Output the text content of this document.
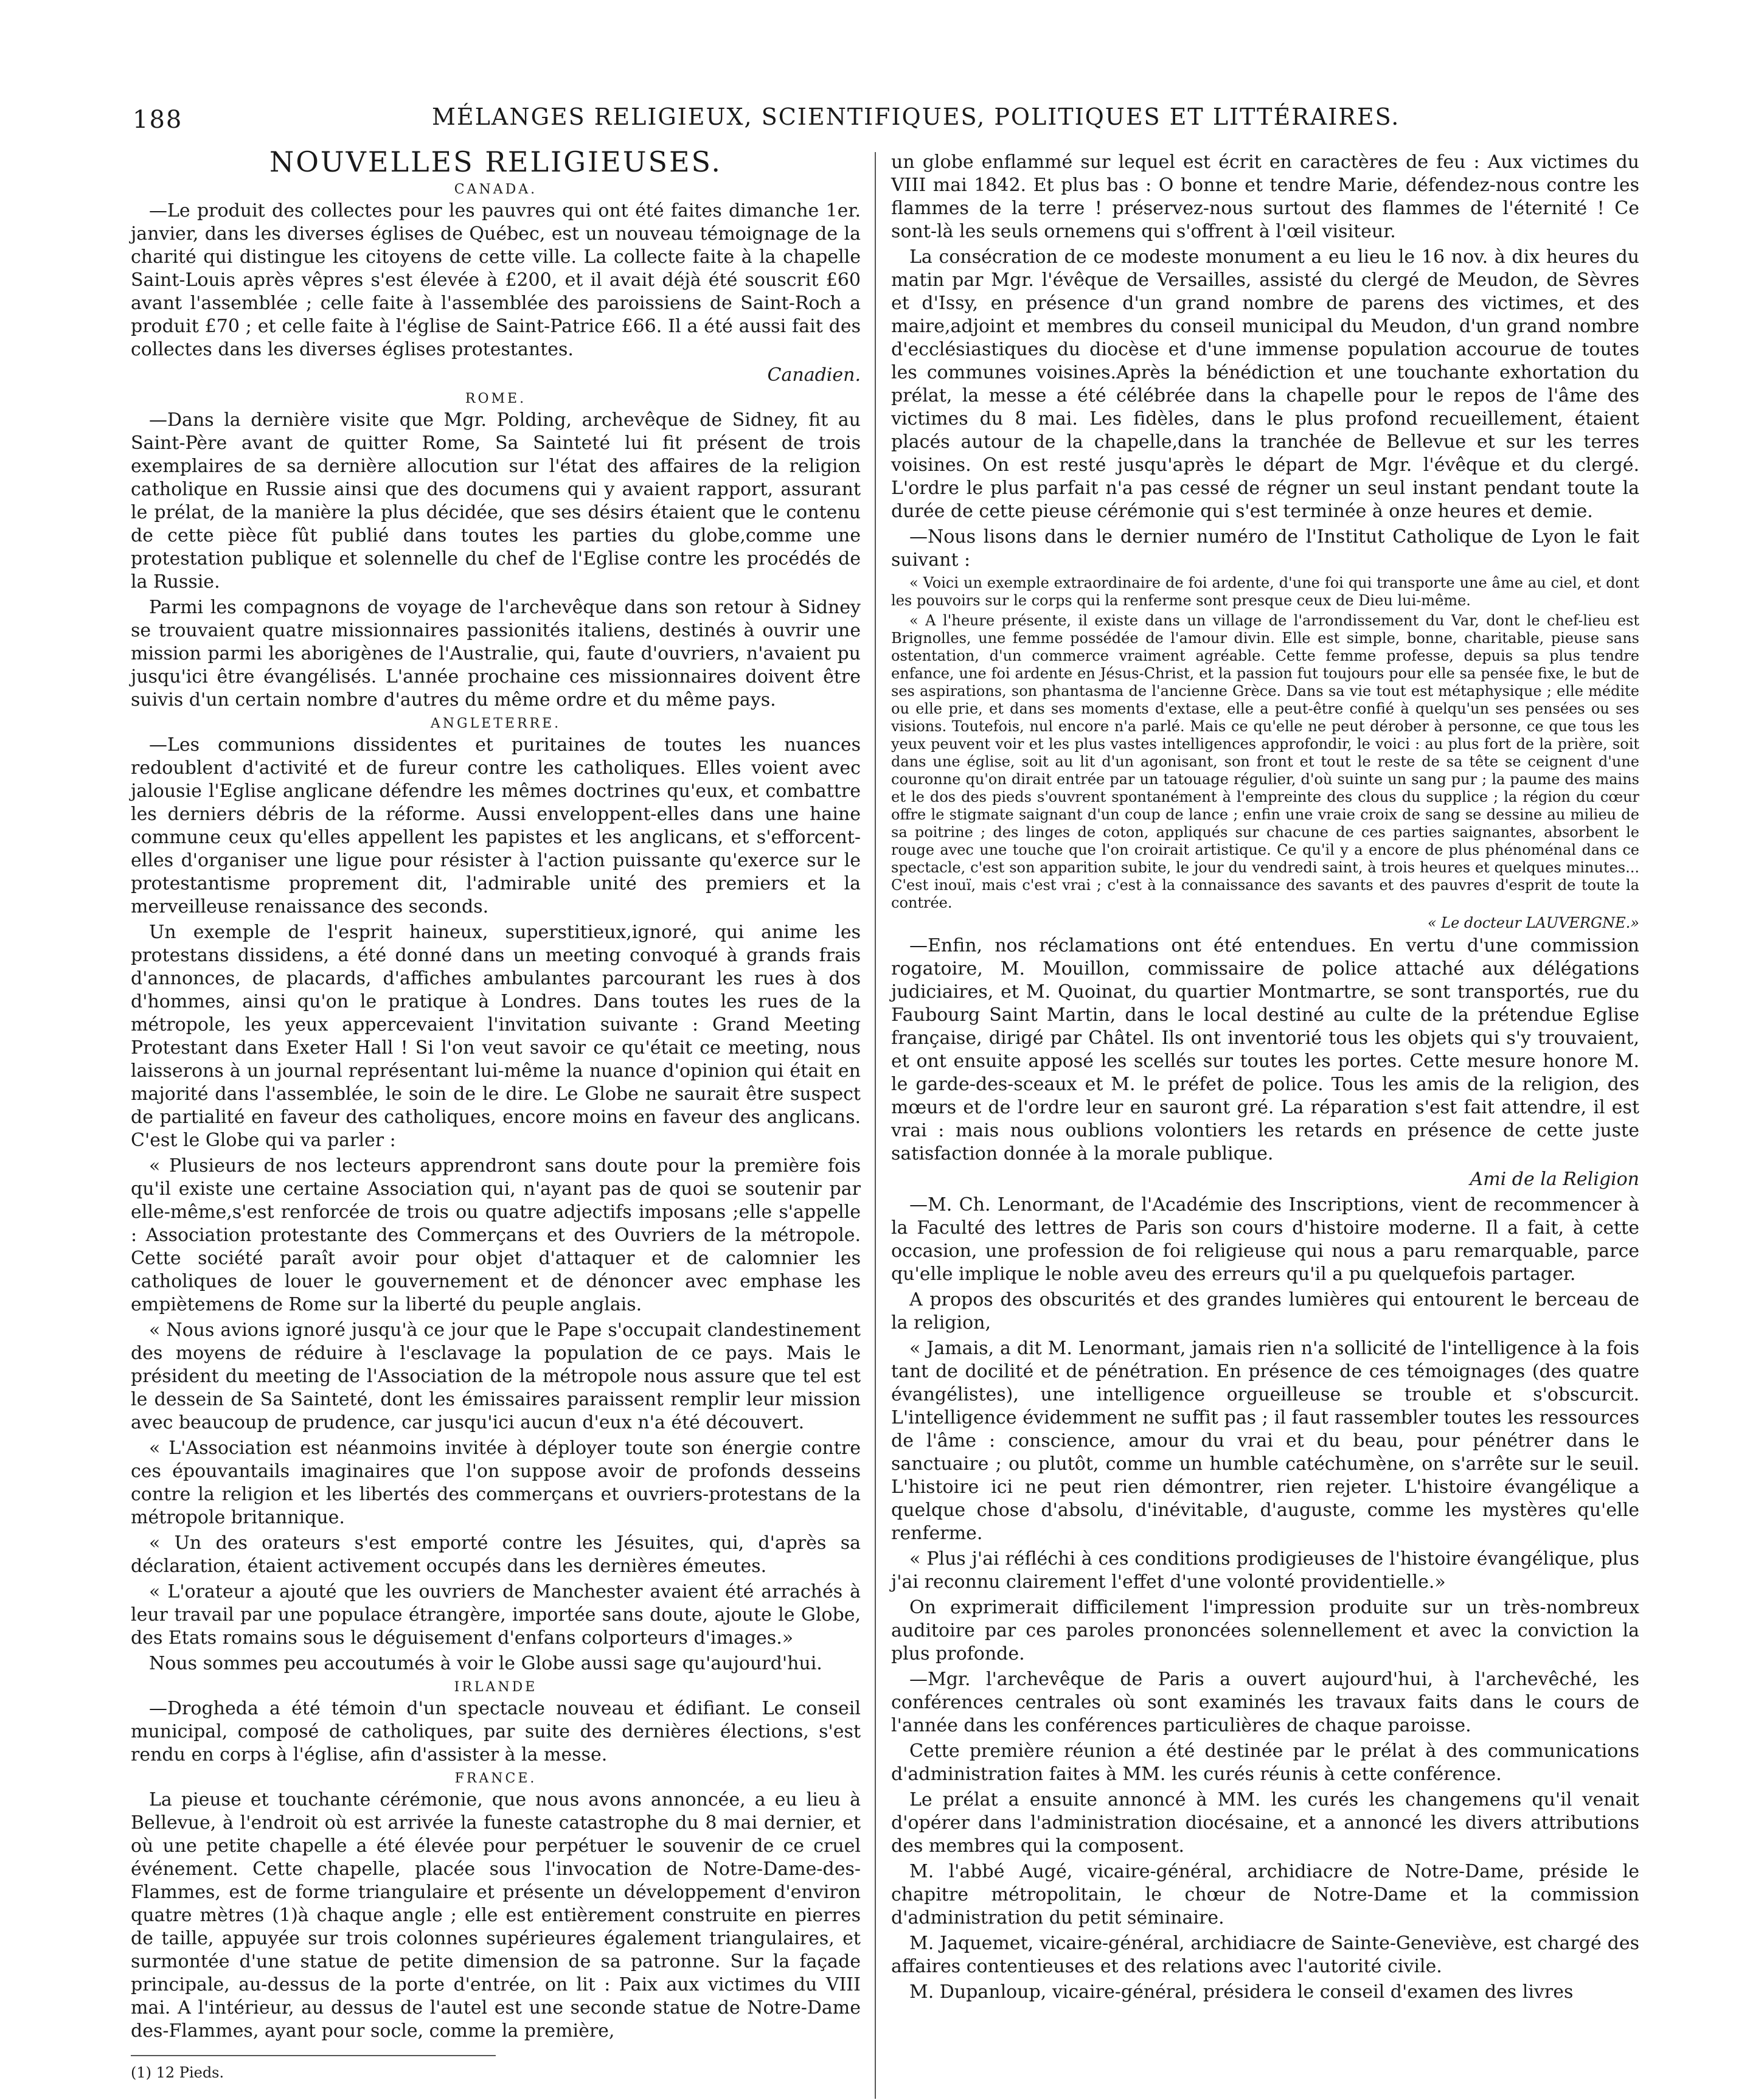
188	MÉLANGES RELIGIEUX, SCIENTIFIQUES, POLITIQUES ET LITTÉRAIRES.
NOUVELLES RELIGIEUSES.
CANADA.

—Le produit des collectes pour les pauvres qui ont été faites dimanche 1er. janvier, dans les diverses églises de Québec, est un nouveau témoignage de la charité qui distingue les citoyens de cette ville. La collecte faite à la chapelle Saint-Louis après vêpres s'est élevée à £200, et il avait déjà été souscrit £60 avant l'assemblée ; celle faite à l'assemblée des paroissiens de Saint-Roch a produit £70 ; et celle faite à l'église de Saint-Patrice £66. Il a été aussi fait des collectes dans les diverses églises protestantes.

Canadien.
ROME.

—Dans la dernière visite que Mgr. Polding, archevêque de Sidney, fit au Saint-Père avant de quitter Rome, Sa Sainteté lui fit présent de trois exemplaires de sa dernière allocution sur l'état des affaires de la religion catholique en Russie ainsi que des documens qui y avaient rapport, assurant le prélat, de la manière la plus décidée, que ses désirs étaient que le contenu de cette pièce fût publié dans toutes les parties du globe,comme une protestation publique et solennelle du chef de l'Eglise contre les procédés de la Russie.

Parmi les compagnons de voyage de l'archevêque dans son retour à Sidney se trouvaient quatre missionnaires passionités italiens, destinés à ouvrir une mission parmi les aborigènes de l'Australie, qui, faute d'ouvriers, n'avaient pu jusqu'ici être évangélisés. L'année prochaine ces missionnaires doivent être suivis d'un certain nombre d'autres du même ordre et du même pays.

ANGLETERRE.

—Les communions dissidentes et puritaines de toutes les nuances redoublent d'activité et de fureur contre les catholiques. Elles voient avec jalousie l'Eglise anglicane défendre les mêmes doctrines qu'eux, et combattre les derniers débris de la réforme. Aussi enveloppent-elles dans une haine commune ceux qu'elles appellent les papistes et les anglicans, et s'efforcent-elles d'organiser une ligue pour résister à l'action puissante qu'exerce sur le protestantisme proprement dit, l'admirable unité des premiers et la merveilleuse renaissance des seconds.

Un exemple de l'esprit haineux, superstitieux,ignoré, qui anime les protestans dissidens, a été donné dans un meeting convoqué à grands frais d'annonces, de placards, d'affiches ambulantes parcourant les rues à dos d'hommes, ainsi qu'on le pratique à Londres. Dans toutes les rues de la métropole, les yeux appercevaient l'invitation suivante : Grand Meeting Protestant dans Exeter Hall ! Si l'on veut savoir ce qu'était ce meeting, nous laisserons à un journal représentant lui-même la nuance d'opinion qui était en majorité dans l'assemblée, le soin de le dire. Le Globe ne saurait être suspect de partialité en faveur des catholiques, encore moins en faveur des anglicans. C'est le Globe qui va parler :

« Plusieurs de nos lecteurs apprendront sans doute pour la première fois qu'il existe une certaine Association qui, n'ayant pas de quoi se soutenir par elle-même,s'est renforcée de trois ou quatre adjectifs imposans ;elle s'appelle : Association protestante des Commerçans et des Ouvriers de la métropole. Cette société paraît avoir pour objet d'attaquer et de calomnier les catholiques de louer le gouvernement et de dénoncer avec emphase les empiètemens de Rome sur la liberté du peuple anglais.

« Nous avions ignoré jusqu'à ce jour que le Pape s'occupait clandestinement des moyens de réduire à l'esclavage la population de ce pays. Mais le président du meeting de l'Association de la métropole nous assure que tel est le dessein de Sa Sainteté, dont les émissaires paraissent remplir leur mission avec beaucoup de prudence, car jusqu'ici aucun d'eux n'a été découvert.

« L'Association est néanmoins invitée à déployer toute son énergie contre ces épouvantails imaginaires que l'on suppose avoir de profonds desseins contre la religion et les libertés des commerçans et ouvriers-protestans de la métropole britannique.

« Un des orateurs s'est emporté contre les Jésuites, qui, d'après sa déclaration, étaient activement occupés dans les dernières émeutes.

« L'orateur a ajouté que les ouvriers de Manchester avaient été arrachés à leur travail par une populace étrangère, importée sans doute, ajoute le Globe, des Etats romains sous le déguisement d'enfans colporteurs d'images.»

Nous sommes peu accoutumés à voir le Globe aussi sage qu'aujourd'hui.

IRLANDE

—Drogheda a été témoin d'un spectacle nouveau et édifiant. Le conseil municipal, composé de catholiques, par suite des dernières élections, s'est rendu en corps à l'église, afin d'assister à la messe.

FRANCE.

La pieuse et touchante cérémonie, que nous avons annoncée, a eu lieu à Bellevue, à l'endroit où est arrivée la funeste catastrophe du 8 mai dernier, et où une petite chapelle a été élevée pour perpétuer le souvenir de ce cruel événement. Cette chapelle, placée sous l'invocation de Notre-Dame-des-Flammes, est de forme triangulaire et présente un développement d'environ quatre mètres (1)à chaque angle ; elle est entièrement construite en pierres de taille, appuyée sur trois colonnes supérieures également triangulaires, et surmontée d'une statue de petite dimension de sa patronne. Sur la façade principale, au-dessus de la porte d'entrée, on lit : Paix aux victimes du VIII mai. A l'intérieur, au dessus de l'autel est une seconde statue de Notre-Dame des-Flammes, ayant pour socle, comme la première,

(1) 12 Pieds.

un globe enflammé sur lequel est écrit en caractères de feu : Aux victimes du VIII mai 1842. Et plus bas : O bonne et tendre Marie, défendez-nous contre les flammes de la terre ! préservez-nous surtout des flammes de l'éternité ! Ce sont-là les seuls ornemens qui s'offrent à l'œil visiteur.

La consécration de ce modeste monument a eu lieu le 16 nov. à dix heures du matin par Mgr. l'évêque de Versailles, assisté du clergé de Meudon, de Sèvres et d'Issy, en présence d'un grand nombre de parens des victimes, et des maire,adjoint et membres du conseil municipal du Meudon, d'un grand nombre d'ecclésiastiques du diocèse et d'une immense population accourue de toutes les communes voisines.Après la bénédiction et une touchante exhortation du prélat, la messe a été célébrée dans la chapelle pour le repos de l'âme des victimes du 8 mai. Les fidèles, dans le plus profond recueillement, étaient placés autour de la chapelle,dans la tranchée de Bellevue et sur les terres voisines. On est resté jusqu'après le départ de Mgr. l'évêque et du clergé. L'ordre le plus parfait n'a pas cessé de régner un seul instant pendant toute la durée de cette pieuse cérémonie qui s'est terminée à onze heures et demie.

—Nous lisons dans le dernier numéro de l'Institut Catholique de Lyon le fait suivant :

« Voici un exemple extraordinaire de foi ardente, d'une foi qui transporte une âme au ciel, et dont les pouvoirs sur le corps qui la renferme sont presque ceux de Dieu lui-même.

« A l'heure présente, il existe dans un village de l'arrondissement du Var, dont le chef-lieu est Brignolles, une femme possédée de l'amour divin. Elle est simple, bonne, charitable, pieuse sans ostentation, d'un commerce vraiment agréable. Cette femme professe, depuis sa plus tendre enfance, une foi ardente en Jésus-Christ, et la passion fut toujours pour elle sa pensée fixe, le but de ses aspirations, son phantasma de l'ancienne Grèce. Dans sa vie tout est métaphysique ; elle médite ou elle prie, et dans ses moments d'extase, elle a peut-être confié à quelqu'un ses pensées ou ses visions. Toutefois, nul encore n'a parlé. Mais ce qu'elle ne peut dérober à personne, ce que tous les yeux peuvent voir et les plus vastes intelligences approfondir, le voici : au plus fort de la prière, soit dans une église, soit au lit d'un agonisant, son front et tout le reste de sa tête se ceignent d'une couronne qu'on dirait entrée par un tatouage régulier, d'où suinte un sang pur ; la paume des mains et le dos des pieds s'ouvrent spontanément à l'empreinte des clous du supplice ; la région du cœur offre le stigmate saignant d'un coup de lance ; enfin une vraie croix de sang se dessine au milieu de sa poitrine ; des linges de coton, appliqués sur chacune de ces parties saignantes, absorbent le rouge avec une touche que l'on croirait artistique. Ce qu'il y a encore de plus phénoménal dans ce spectacle, c'est son apparition subite, le jour du vendredi saint, à trois heures et quelques minutes... C'est inouï, mais c'est vrai ; c'est à la connaissance des savants et des pauvres d'esprit de toute la contrée.

« Le docteur LAUVERGNE.»

—Enfin, nos réclamations ont été entendues. En vertu d'une commission rogatoire, M. Mouillon, commissaire de police attaché aux délégations judiciaires, et M. Quoinat, du quartier Montmartre, se sont transportés, rue du Faubourg Saint Martin, dans le local destiné au culte de la prétendue Eglise française, dirigé par Châtel. Ils ont inventorié tous les objets qui s'y trouvaient, et ont ensuite apposé les scellés sur toutes les portes. Cette mesure honore M. le garde-des-sceaux et M. le préfet de police. Tous les amis de la religion, des mœurs et de l'ordre leur en sauront gré. La réparation s'est fait attendre, il est vrai : mais nous oublions volontiers les retards en présence de cette juste satisfaction donnée à la morale publique.

Ami de la Religion

—M. Ch. Lenormant, de l'Académie des Inscriptions, vient de recommencer à la Faculté des lettres de Paris son cours d'histoire moderne. Il a fait, à cette occasion, une profession de foi religieuse qui nous a paru remarquable, parce qu'elle implique le noble aveu des erreurs qu'il a pu quelquefois partager.

A propos des obscurités et des grandes lumières qui entourent le berceau de la religion,

« Jamais, a dit M. Lenormant, jamais rien n'a sollicité de l'intelligence à la fois tant de docilité et de pénétration. En présence de ces témoignages (des quatre évangélistes), une intelligence orgueilleuse se trouble et s'obscurcit. L'intelligence évidemment ne suffit pas ; il faut rassembler toutes les ressources de l'âme : conscience, amour du vrai et du beau, pour pénétrer dans le sanctuaire ; ou plutôt, comme un humble catéchumène, on s'arrête sur le seuil. L'histoire ici ne peut rien démontrer, rien rejeter. L'histoire évangélique a quelque chose d'absolu, d'inévitable, d'auguste, comme les mystères qu'elle renferme.

« Plus j'ai réfléchi à ces conditions prodigieuses de l'histoire évangélique, plus j'ai reconnu clairement l'effet d'une volonté providentielle.»

On exprimerait difficilement l'impression produite sur un très-nombreux auditoire par ces paroles prononcées solennellement et avec la conviction la plus profonde.

—Mgr. l'archevêque de Paris a ouvert aujourd'hui, à l'archevêché, les conférences centrales où sont examinés les travaux faits dans le cours de l'année dans les conférences particulières de chaque paroisse.

Cette première réunion a été destinée par le prélat à des communications d'administration faites à MM. les curés réunis à cette conférence.

Le prélat a ensuite annoncé à MM. les curés les changemens qu'il venait d'opérer dans l'administration diocésaine, et a annoncé les divers attributions des membres qui la composent.

M. l'abbé Augé, vicaire-général, archidiacre de Notre-Dame, préside le chapitre métropolitain, le chœur de Notre-Dame et la commission d'administration du petit séminaire.

M. Jaquemet, vicaire-général, archidiacre de Sainte-Geneviève, est chargé des affaires contentieuses et des relations avec l'autorité civile.

M. Dupanloup, vicaire-général, présidera le conseil d'examen des livres
